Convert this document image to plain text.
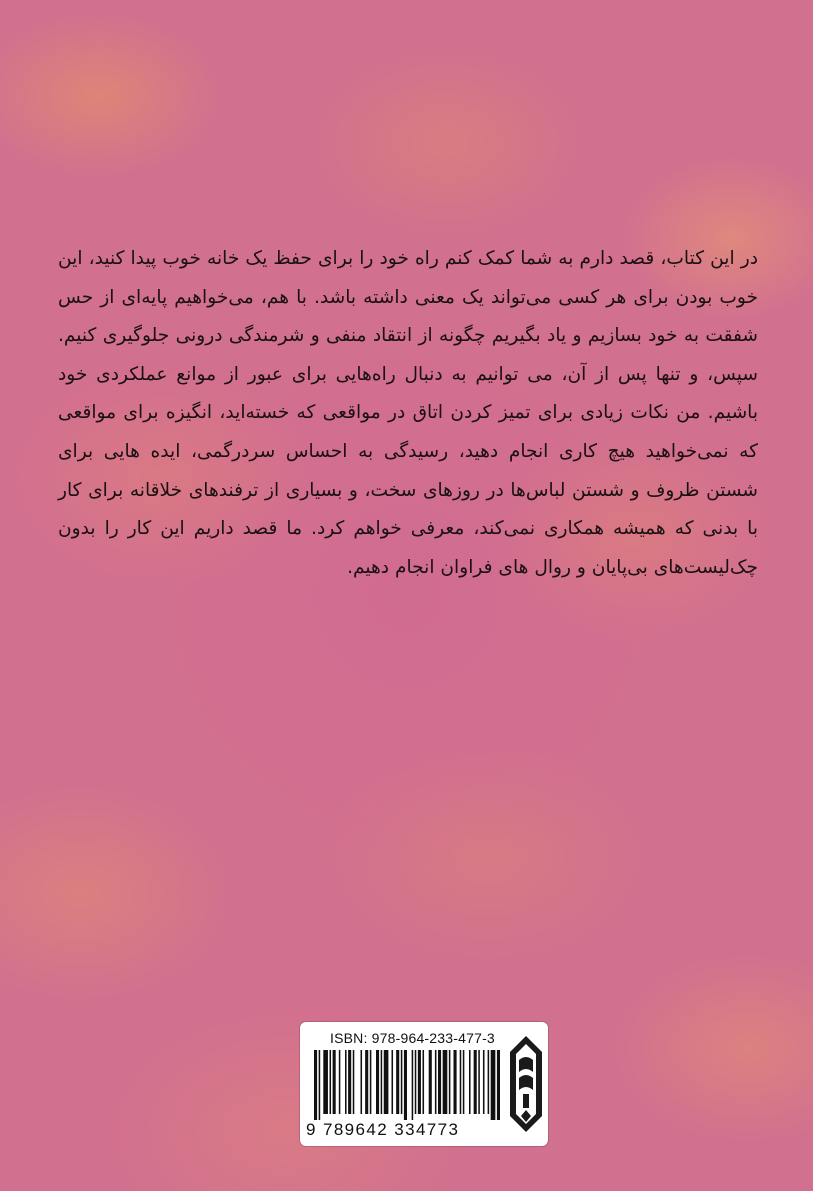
در این کتاب، قصد دارم به شما کمک کنم راه خود را برای حفظ یک خانه خوب پیدا کنید، این خوب بودن برای هر کسی می‌تواند یک معنی داشته باشد. با هم، می‌خواهیم پایه‌ای از حس شفقت به خود بسازیم و یاد بگیریم چگونه از انتقاد منفی و شرمندگی درونی جلوگیری کنیم. سپس، و تنها پس از آن، می توانیم به دنبال راه‌هایی برای عبور از موانع عملکردی خود باشیم. من نکات زیادی برای تمیز کردن اتاق در مواقعی که خسته‌اید، انگیزه برای مواقعی که نمی‌خواهید هیچ کاری انجام دهید، رسیدگی به احساس سردرگمی، ایده هایی برای شستن ظروف و شستن لباس‌ها در روزهای سخت، و بسیاری از ترفندهای خلاقانه برای کار با بدنی که همیشه همکاری نمی‌کند، معرفی خواهم کرد. ما قصد داریم این کار را بدون چک‌لیست‌های بی‌پایان و روال های فراوان انجام دهیم.

ISBN: 978-964-233-477-3
9 789642 334773
